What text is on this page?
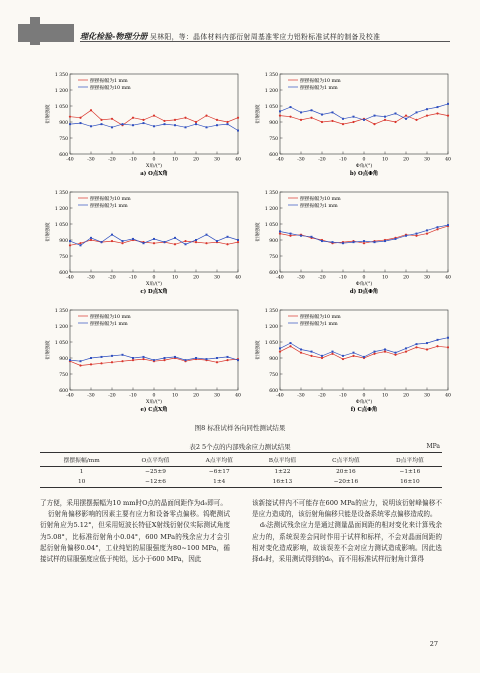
理化检验-物理分册 吴林阳，等：晶体材料内部衍射周基准零应力铝粉标准试样的制备及校准
600
750
900
1 050
1 200
1 350
-40	-30	-20	-10	0	10	20	30	40
X角/(°)
衍射强度
a) O点X角
摆摆振幅为1 mm
摆摆振幅为10 mm
600
750
900
1 050
1 200
1 350
-40	-30	-20	-10	0	10	20	30	40
Φ角/(°)
衍射强度
b) O点Φ角
摆摆振幅为10 mm
摆摆振幅为1 mm
600
750
900
1 050
1 200
1 350
-40	-30	-20	-10	0	10	20	30	40
X角/(°)
衍射强度
c) D点X角
摆摆振幅为10 mm
摆摆振幅为1 mm
600
750
900
1 050
1 200
1 350
-40	-30	-20	-10	0	10	20	30	40
Φ角/(°)
衍射强度
d) D点Φ角
摆摆振幅为10 mm
摆摆振幅为1 mm
600
750
900
1 050
1 200
1 350
-40	-30	-20	-10	0	10	20	30	40
X角/(°)
衍射强度
e) C点X角
摆摆振幅为10 mm
摆摆振幅为1 mm
600
750
900
1 050
1 200
1 350
-40	-30	-20	-10	0	10	20	30	40
Φ角/(°)
衍射强度
f) C点Φ角
摆摆振幅为10 mm
摆摆振幅为1 mm
图8 标准试样各向同性测试结果
表2 5个点的内部残余应力测试结果	MPa
摆摆振幅/mm	O点平均值	A点平均值	B点平均值	C点平均值	D点平均值
1	−25±9	−6±17	1±22	20±16	−1±16
10	−12±6	1±4	16±13	−20±16	16±10

了方便，采用摆摆振幅为10 mm时O点的晶面间距作为d₀即可。

衍射角偏移影响的因素主要有应力和设备零点偏移。钨靶测试衍射角应为5.12°，但采用短波长特征X射线衍射仪实际测试角度为5.08°，比标准衍射角小0.04°，600 MPa的残余应力才会引起衍射角偏移0.04°，工业纯铝的屈服强度为80~100 MPa，循接试样的屈服强度应低于纯铝，远小于600 MPa，因此

该新接试样内不可能存在600 MPa的应力，说明该衍射峰偏移不是应力造成的，该衍射角偏移只能是设备系统零点偏移造成的。

d₀法测试残余应力是通过测量晶面间距的相对变化来计算残余应力的，系统误差会同时作用于试样和标样，不会对晶面间距的相对变化造成影响，故该误差不会对应力测试造成影响。因此选择d₀时，采用测试得到的d₀，而不用标准试样衍射角计算得

27
